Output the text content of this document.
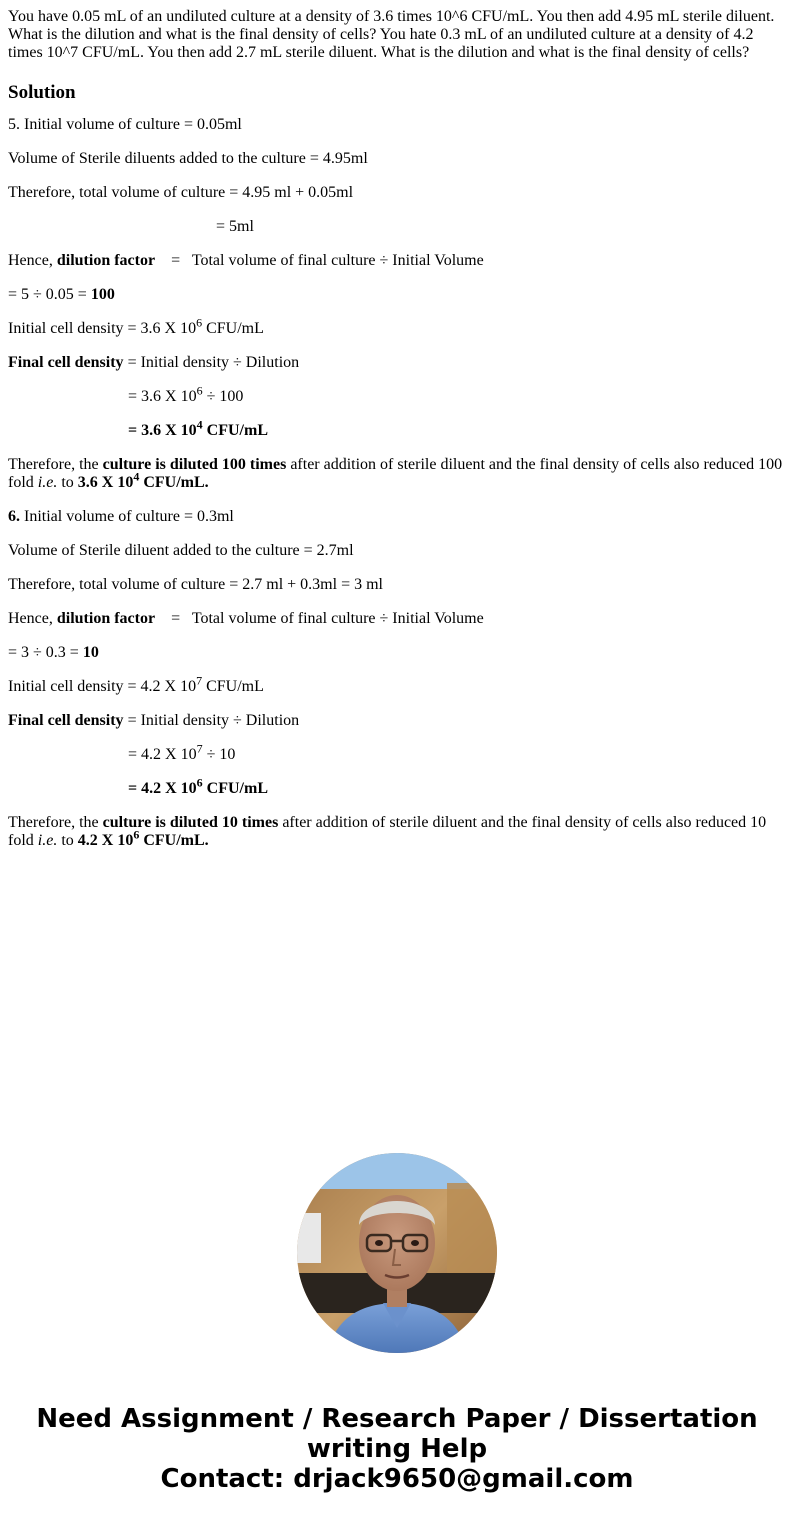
You have 0.05 mL of an undiluted culture at a density of 3.6 times 10^6 CFU/mL. You then add 4.95 mL sterile diluent. What is the dilution and what is the final density of cells? You hate 0.3 mL of an undiluted culture at a density of 4.2 times 10^7 CFU/mL. You then add 2.7 mL sterile diluent. What is the dilution and what is the final density of cells?
Solution

5. Initial volume of culture = 0.05ml

Volume of Sterile diluents added to the culture = 4.95ml

Therefore, total volume of culture = 4.95 ml + 0.05ml

= 5ml

Hence, dilution factor    =   Total volume of final culture ÷ Initial Volume

= 5 ÷ 0.05 = 100

Initial cell density = 3.6 X $10^6$ CFU/mL

Final cell density = Initial density ÷ Dilution

= 3.6 X $10^6 \div 100$

= 3.6 X $10^4$ CFU/mL

Therefore, the culture is diluted 100 times after addition of sterile diluent and the final density of cells also reduced 100 fold i.e. to 3.6 X $10^4$ CFU/mL.

6. Initial volume of culture = 0.3ml

Volume of Sterile diluent added to the culture = 2.7ml

Therefore, total volume of culture = 2.7 ml + 0.3ml = 3 ml

Hence, dilution factor    =   Total volume of final culture ÷ Initial Volume

= 3 ÷ 0.3 = 10

Initial cell density = 4.2 X $10^7$ CFU/mL

Final cell density = Initial density ÷ Dilution

= 4.2 X $10^7 \div 10$

= 4.2 X $10^6$ CFU/mL

Therefore, the culture is diluted 10 times after addition of sterile diluent and the final density of cells also reduced 10 fold i.e. to 4.2 X $10^6$ CFU/mL.

Need Assignment / Research Paper / Dissertation writing Help
Contact: drjack9650@gmail.com
